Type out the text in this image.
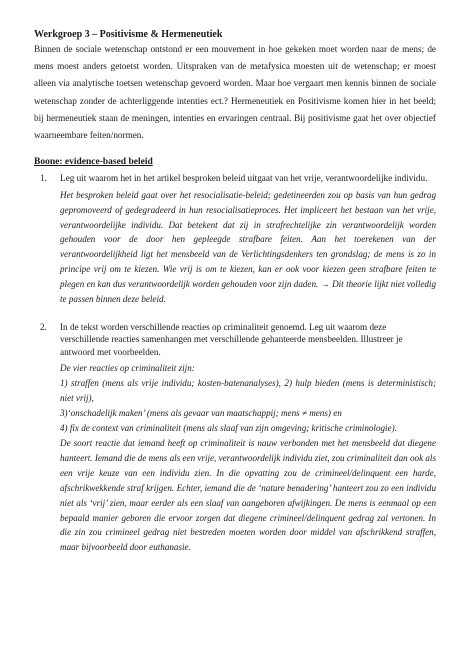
Werkgroep 3 – Positivisme & Hermeneutiek

Binnen de sociale wetenschap ontstond er een mouvement in hoe gekeken moet worden naar de mens; de mens moest anders getoetst worden. Uitspraken van de metafysica moesten uit de wetenschap; er moest alleen via analytische toetsen wetenschap gevoerd worden. Maar hoe vergaart men kennis binnen de sociale wetenschap zonder de achterliggende intenties ect.? Hermeneutiek en Positivisme komen hier in het beeld; bij hermeneutiek staan de meningen, intenties en ervaringen centraal. Bij positivisme gaat het over objectief waarneembare feiten/normen.

Boone: evidence-based beleid

1.	Leg uit waarom het in het artikel besproken beleid uitgaat van het vrije, verantwoordelijke individu.

Het besproken beleid gaat over het resocialisatie-beleid; gedetineerden zou op basis van hun gedrag gepromoveerd of gedegradeerd in hun resocialisatieproces. Het impliceert het bestaan van het vrije, verantwoordelijke individu. Dat betekent dat zij in strafrechtelijke zin verantwoordelijk worden gehouden voor de door hen gepleegde strafbare feiten. Aan het toerekenen van der verantwoordelijkheid ligt het mensbeeld van de Verlichtingsdenkers ten grondslag; de mens is zo in principe vrij om te kiezen. Wie vrij is om te kiezen, kan er ook voor kiezen geen strafbare feiten te plegen en kan dus verantwoordelijk worden gehouden voor zijn daden. → Dit theorie lijkt niet volledig te passen binnen deze beleid.

2.	In de tekst worden verschillende reacties op criminaliteit genoemd. Leg uit waarom deze verschillende reacties samenhangen met verschillende gehanteerde mensbeelden. Illustreer je antwoord met voorbeelden.

De vier reacties op criminaliteit zijn:

1) straffen (mens als vrije individu; kosten-batenanalyses), 2) hulp bieden (mens is deterministisch; niet vrij),

3)‘onschadelijk maken’ (mens als gevaar van maatschappij; mens ≠ mens) en

4) fix de context van criminaliteit (mens als slaaf van zijn omgeving; kritische criminologie).

De soort reactie dat iemand heeft op criminaliteit is nauw verbonden met het mensbeeld dat diegene hanteert. Iemand die de mens als een vrije, verantwoordelijk individu ziet, zou criminaliteit dan ook als een vrije keuze van een individu zien. In die opvatting zou de crimineel/delinquent een harde, afschrikwekkende straf krijgen. Echter, iemand die de ‘nature benadering’ hanteert zou zo een individu niet als ‘vrij’ zien, maar eerder als een slaaf van aangeboren afwijkingen. De mens is eenmaal op een bepaald manier geboren die ervoor zorgen dat diegene crimineel/delinquent gedrag zal vertonen. In die zin zou crimineel gedrag niet bestreden moeten worden door middel van afschrikkend straffen, maar bijvoorbeeld door euthanasie.
